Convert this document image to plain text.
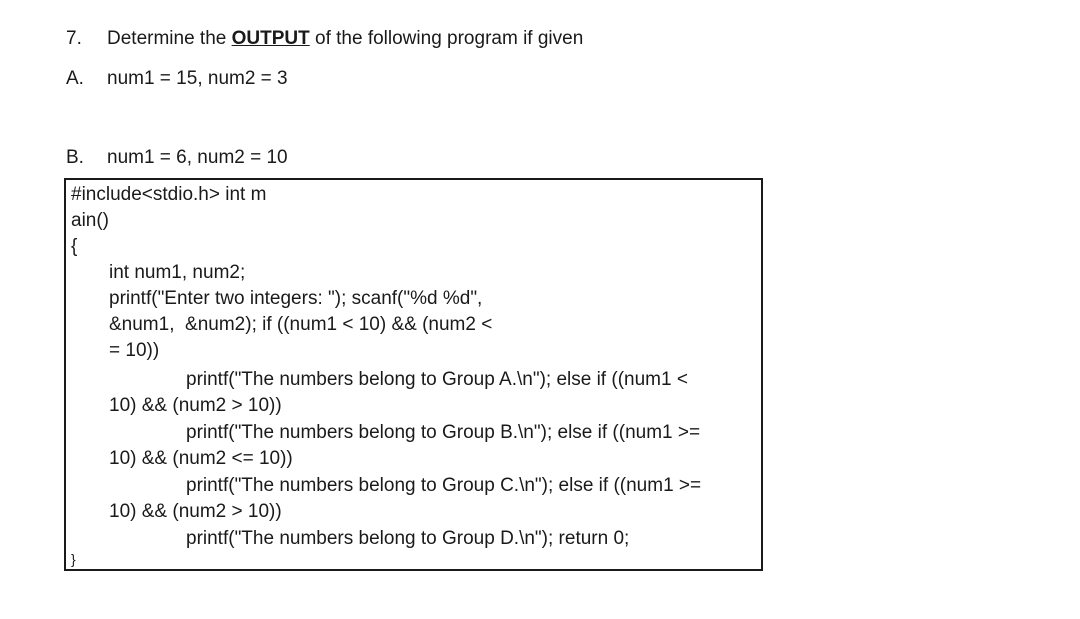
7. Determine the OUTPUT of the following program if given
A. num1 = 15, num2 = 3
B. num1 = 6, num2 = 10
#include<stdio.h> int m
ain()
{
int num1, num2;
printf("Enter two integers: "); scanf("%d %d",
&num1,  &num2); if ((num1 < 10) && (num2 <
= 10))
printf("The numbers belong to Group A.\n"); else if ((num1 <
10) && (num2 > 10))
printf("The numbers belong to Group B.\n"); else if ((num1 >=
10) && (num2 <= 10))
printf("The numbers belong to Group C.\n"); else if ((num1 >=
10) && (num2 > 10))
printf("The numbers belong to Group D.\n"); return 0;
}
